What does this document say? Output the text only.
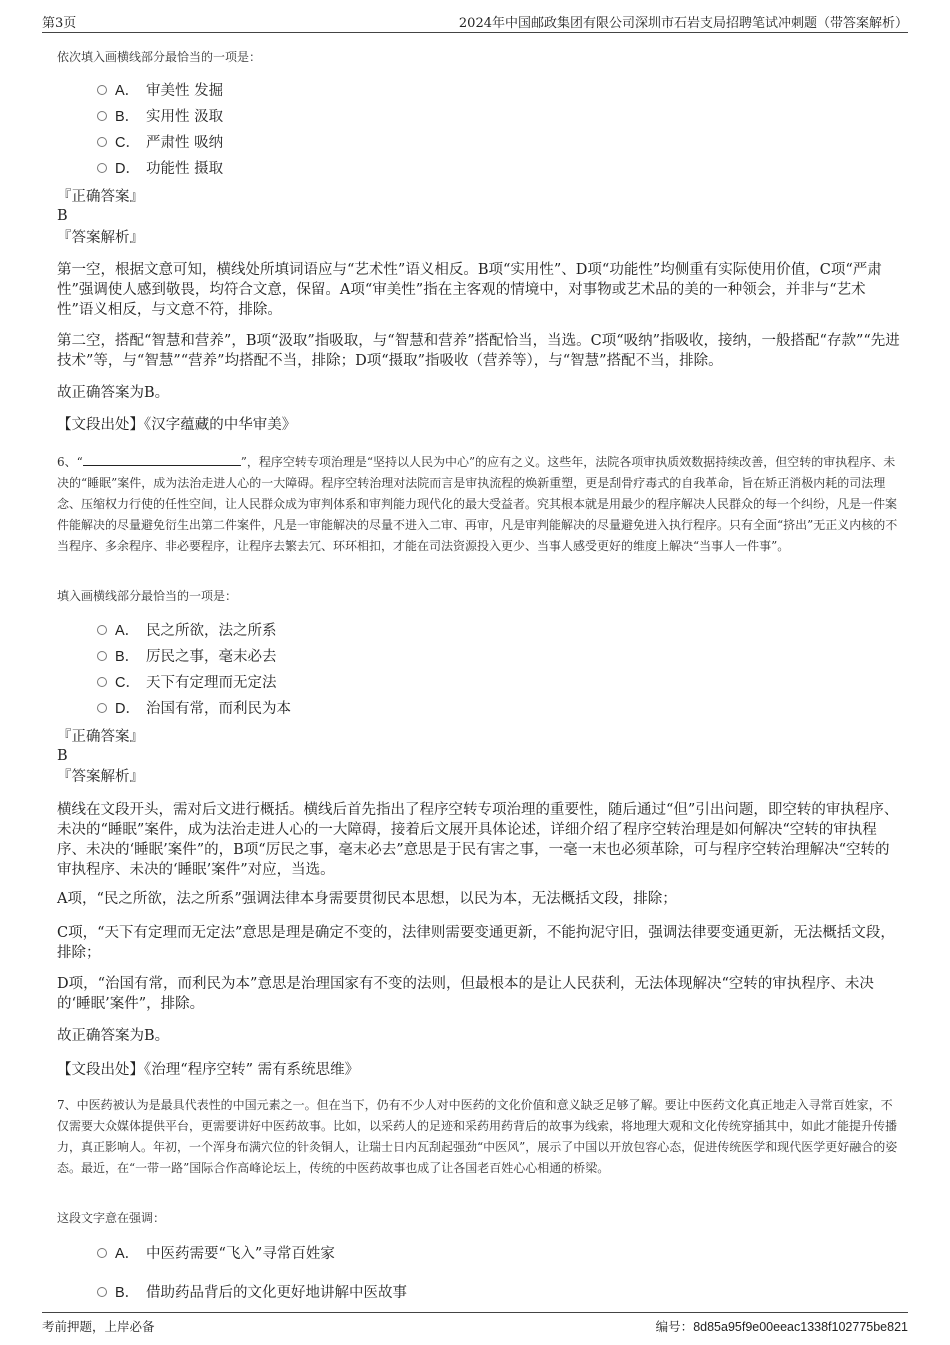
第3页	2024年中国邮政集团有限公司深圳市石岩支局招聘笔试冲刺题（带答案解析）
依次填入画横线部分最恰当的一项是：
A． 审美性 发掘
B． 实用性 汲取
C． 严肃性 吸纳
D． 功能性 摄取
『正确答案』
B
『答案解析』
第一空，根据文意可知，横线处所填词语应与“艺术性”语义相反。B项“实用性”、D项“功能性”均侧重有实际使用价值，C项“严肃性”强调使人感到敬畏，均符合文意，保留。A项“审美性”指在主客观的情境中，对事物或艺术品的美的一种领会，并非与“艺术性”语义相反，与文意不符，排除。
第二空，搭配“智慧和营养”，B项“汲取”指吸取，与“智慧和营养”搭配恰当，当选。C项“吸纳”指吸收，接纳，一般搭配“存款”“先进技术”等，与“智慧”“营养”均搭配不当，排除；D项“摄取”指吸收（营养等），与“智慧”搭配不当，排除。
故正确答案为B。
【文段出处】《汉字蕴藏的中华审美》
6、“	”，程序空转专项治理是“坚持以人民为中心”的应有之义。这些年，法院各项审执质效数据持续改善，但空转的审执程序、未决的“睡眠”案件，成为法治走进人心的一大障碍。程序空转治理对法院而言是审执流程的焕新重塑，更是刮骨疗毒式的自我革命，旨在矫正消极内耗的司法理念、压缩权力行使的任性空间，让人民群众成为审判体系和审判能力现代化的最大受益者。究其根本就是用最少的程序解决人民群众的每一个纠纷，凡是一件案件能解决的尽量避免衍生出第二件案件，凡是一审能解决的尽量不进入二审、再审，凡是审判能解决的尽量避免进入执行程序。只有全面“挤出”无正义内核的不当程序、多余程序、非必要程序，让程序去繁去冗、环环相扣，才能在司法资源投入更少、当事人感受更好的维度上解决“当事人一件事”。
填入画横线部分最恰当的一项是：
A． 民之所欲，法之所系
B． 厉民之事，毫末必去
C． 天下有定理而无定法
D． 治国有常，而利民为本
『正确答案』
B
『答案解析』
横线在文段开头，需对后文进行概括。横线后首先指出了程序空转专项治理的重要性，随后通过“但”引出问题，即空转的审执程序、未决的“睡眠”案件，成为法治走进人心的一大障碍，接着后文展开具体论述，详细介绍了程序空转治理是如何解决“空转的审执程序、未决的‘睡眠’案件”的，B项“厉民之事，毫末必去”意思是于民有害之事，一毫一末也必须革除，可与程序空转治理解决“空转的审执程序、未决的‘睡眠’案件”对应，当选。
A项，“民之所欲，法之所系”强调法律本身需要贯彻民本思想，以民为本，无法概括文段，排除；
C项，“天下有定理而无定法”意思是理是确定不变的，法律则需要变通更新，不能拘泥守旧，强调法律要变通更新，无法概括文段，排除；
D项，“治国有常，而利民为本”意思是治理国家有不变的法则，但最根本的是让人民获利，无法体现解决“空转的审执程序、未决的‘睡眠’案件”，排除。
故正确答案为B。
【文段出处】《治理“程序空转” 需有系统思维》
7、中医药被认为是最具代表性的中国元素之一。但在当下，仍有不少人对中医药的文化价值和意义缺乏足够了解。要让中医药文化真正地走入寻常百姓家，不仅需要大众媒体提供平台，更需要讲好中医药故事。比如，以采药人的足迹和采药用药背后的故事为线索，将地理大观和文化传统穿插其中，如此才能提升传播力，真正影响人。年初，一个浑身布满穴位的针灸铜人，让瑞士日内瓦刮起强劲“中医风”，展示了中国以开放包容心态，促进传统医学和现代医学更好融合的姿态。最近，在“一带一路”国际合作高峰论坛上，传统的中医药故事也成了让各国老百姓心心相通的桥梁。
这段文字意在强调：
A． 中医药需要“飞入”寻常百姓家
B． 借助药品背后的文化更好地讲解中医故事
考前押题，上岸必备	编号：8d85a95f9e00eeac1338f102775be821
